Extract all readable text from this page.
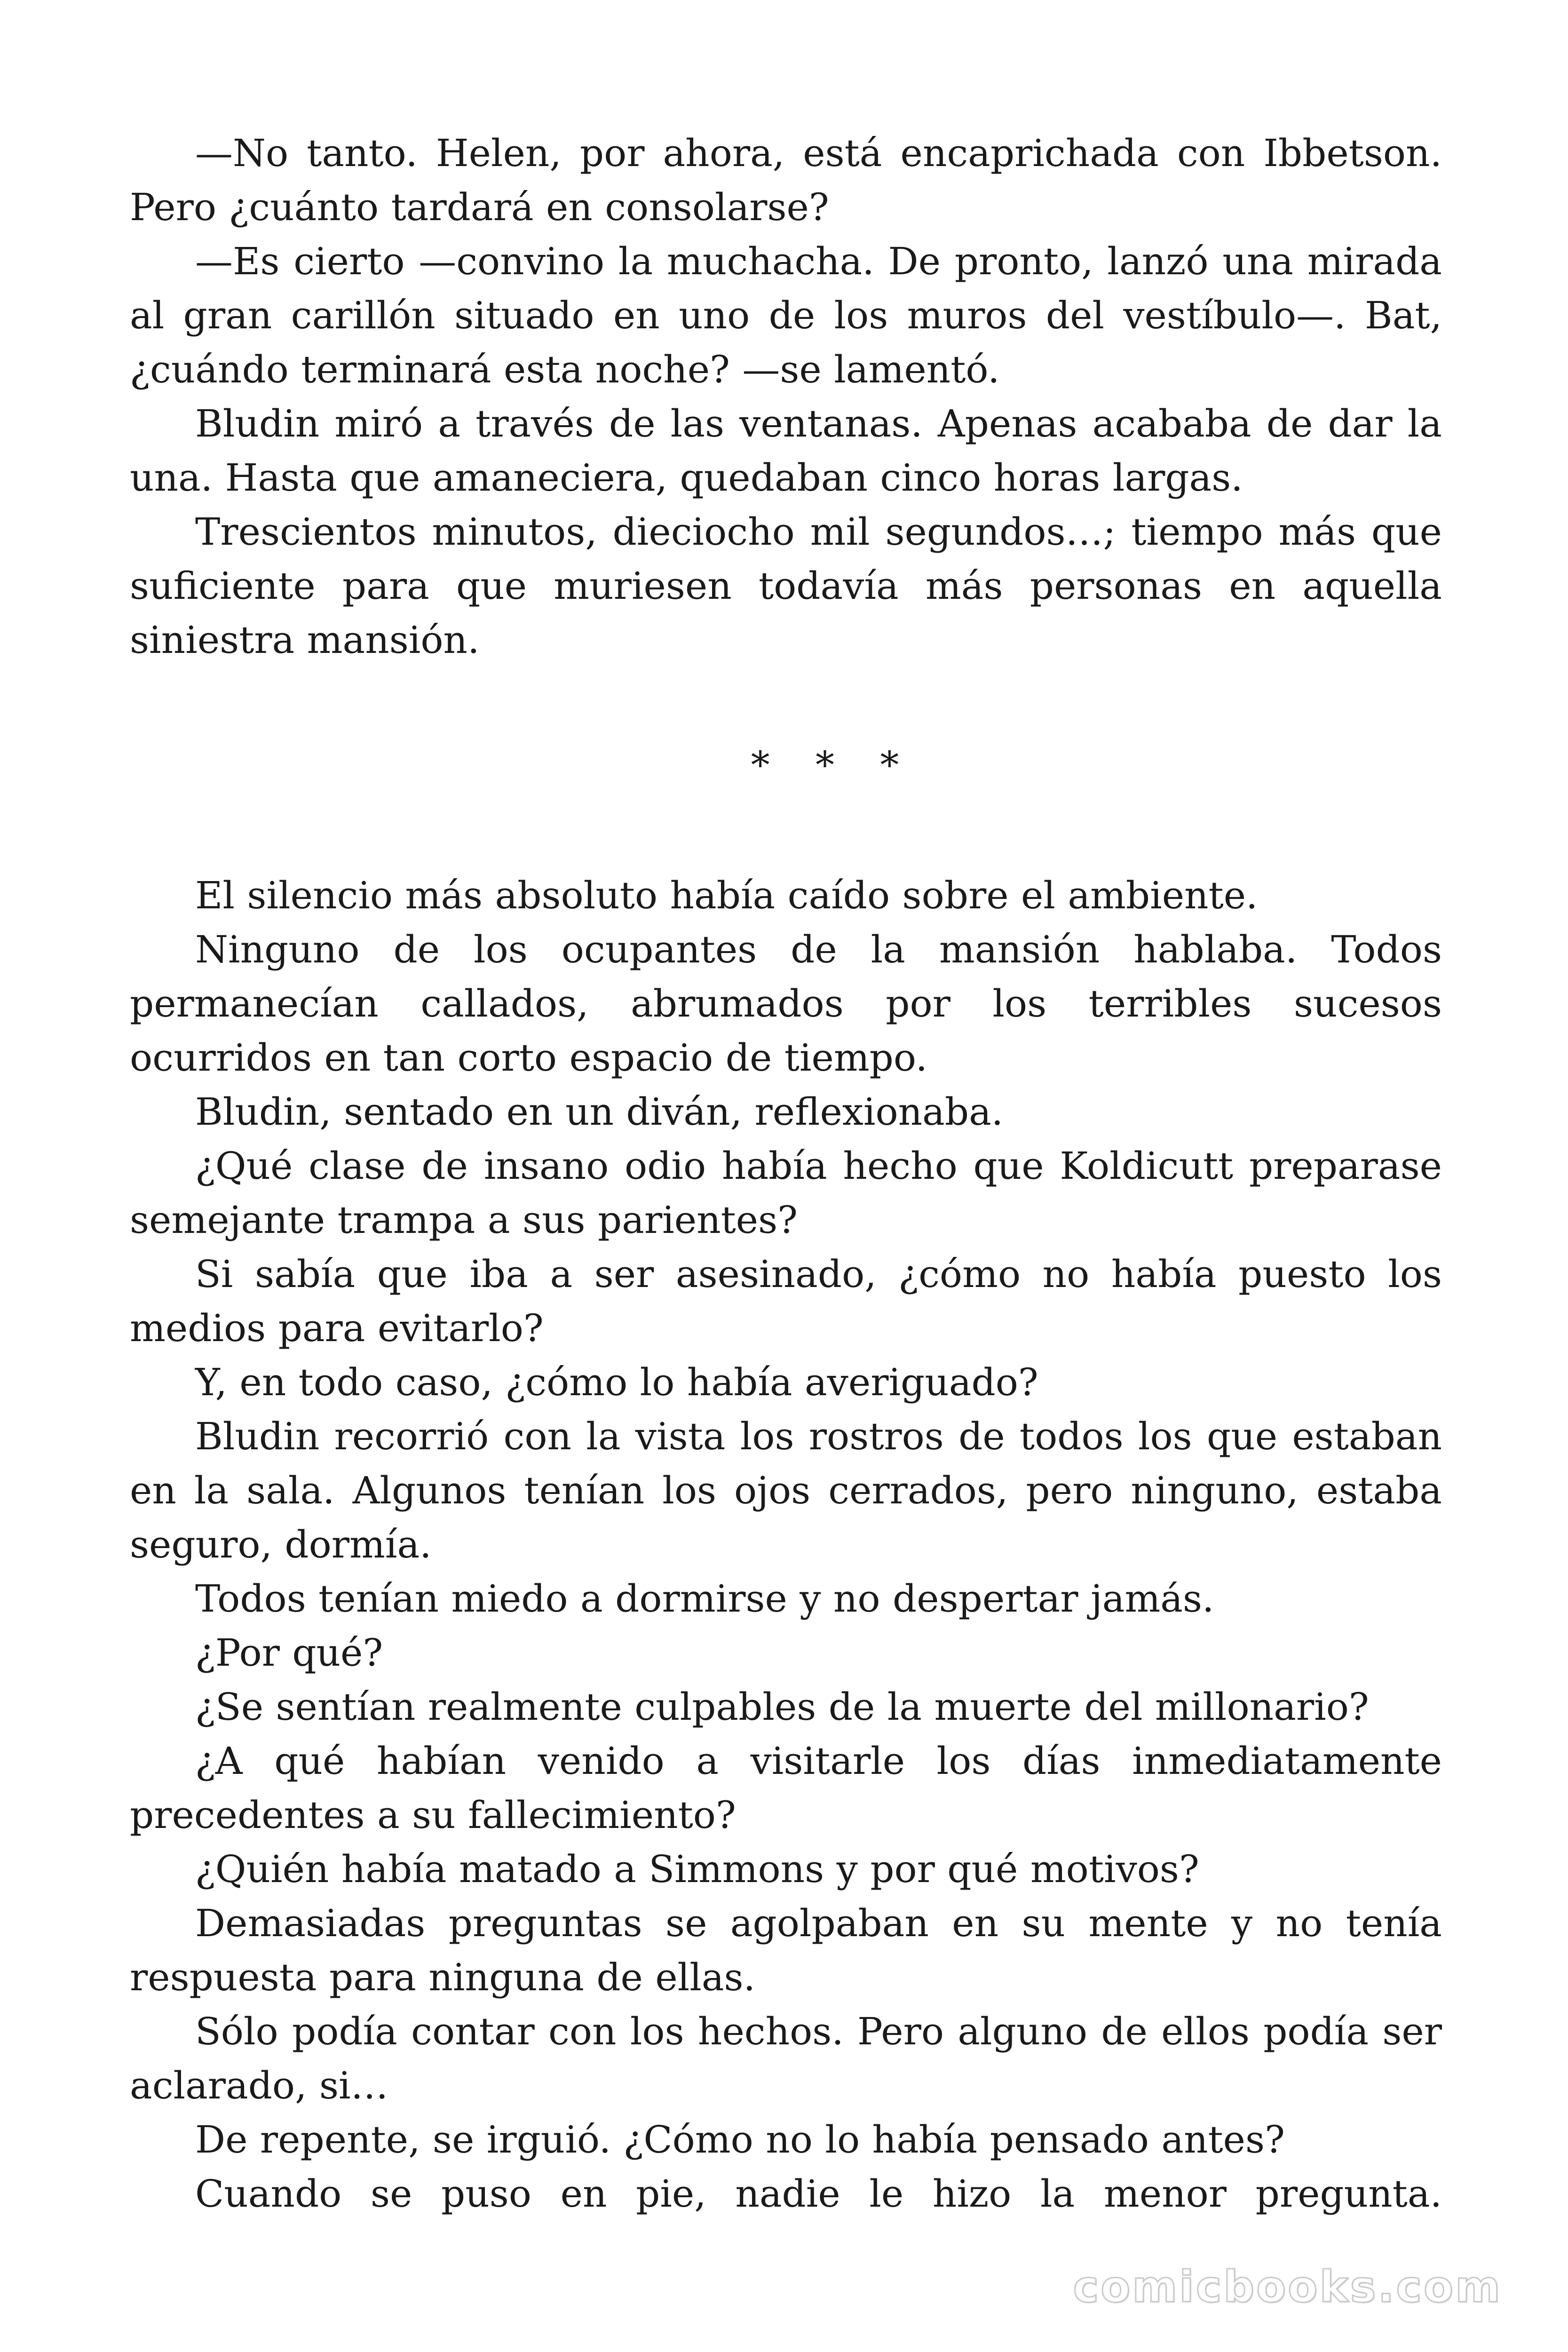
—No tanto. Helen, por ahora, está encaprichada con Ibbetson. Pero ¿cuánto tardará en consolarse?

—Es cierto —convino la muchacha. De pronto, lanzó una mirada al gran carillón situado en uno de los muros del vestíbulo—. Bat, ¿cuándo terminará esta noche? —se lamentó.

Bludin miró a través de las ventanas. Apenas acababa de dar la una. Hasta que amaneciera, quedaban cinco horas largas.

Trescientos minutos, dieciocho mil segundos…; tiempo más que suficiente para que muriesen todavía más personas en aquella siniestra mansión.

* * *

El silencio más absoluto había caído sobre el ambiente.

Ninguno de los ocupantes de la mansión hablaba. Todos permanecían callados, abrumados por los terribles sucesos ocurridos en tan corto espacio de tiempo.

Bludin, sentado en un diván, reflexionaba.

¿Qué clase de insano odio había hecho que Koldicutt preparase semejante trampa a sus parientes?

Si sabía que iba a ser asesinado, ¿cómo no había puesto los medios para evitarlo?

Y, en todo caso, ¿cómo lo había averiguado?

Bludin recorrió con la vista los rostros de todos los que estaban en la sala. Algunos tenían los ojos cerrados, pero ninguno, estaba seguro, dormía.

Todos tenían miedo a dormirse y no despertar jamás.

¿Por qué?

¿Se sentían realmente culpables de la muerte del millonario?

¿A qué habían venido a visitarle los días inmediatamente precedentes a su fallecimiento?

¿Quién había matado a Simmons y por qué motivos?

Demasiadas preguntas se agolpaban en su mente y no tenía respuesta para ninguna de ellas.

Sólo podía contar con los hechos. Pero alguno de ellos podía ser aclarado, si…

De repente, se irguió. ¿Cómo no lo había pensado antes?

Cuando se puso en pie, nadie le hizo la menor pregunta.

comicbooks.com
